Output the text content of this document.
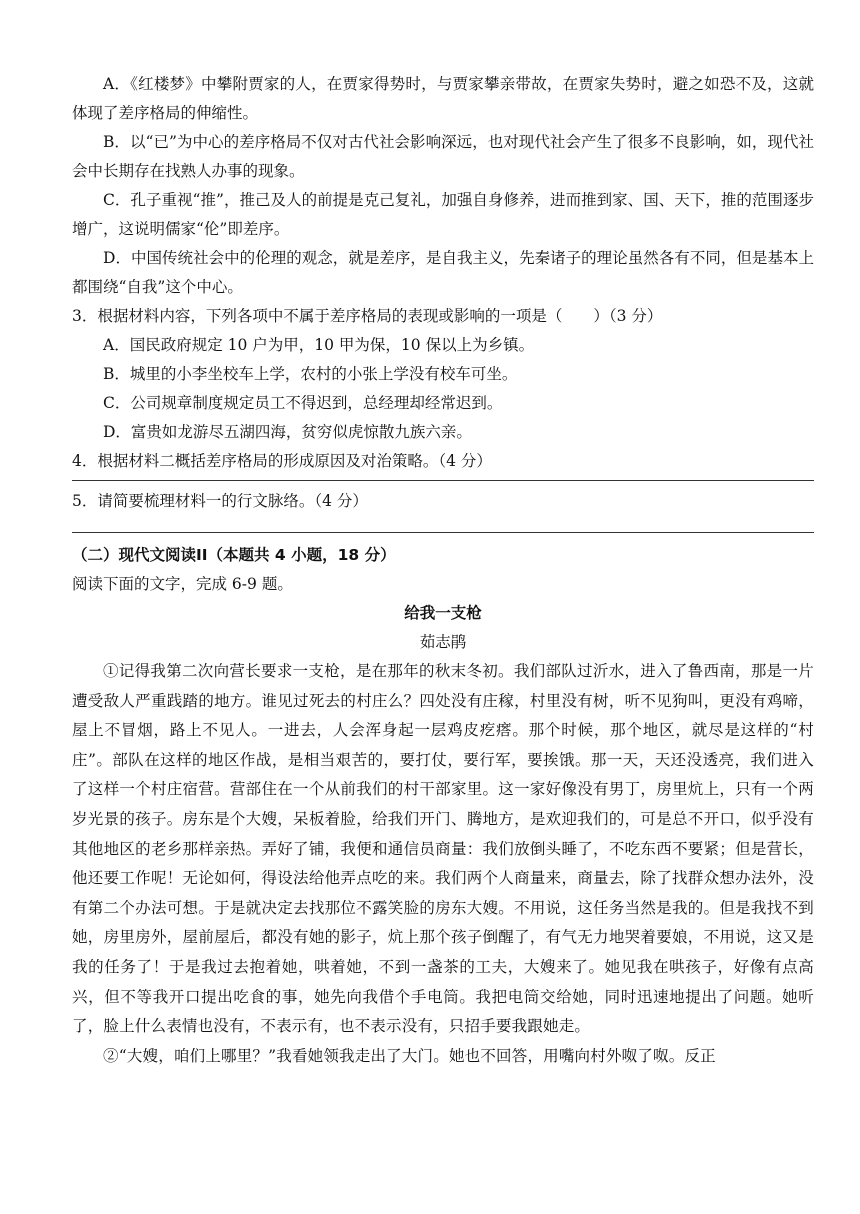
A．《红楼梦》中攀附贾家的人，在贾家得势时，与贾家攀亲带故，在贾家失势时，避之如恐不及，这就体现了差序格局的伸缩性。

B．以“已”为中心的差序格局不仅对古代社会影响深远，也对现代社会产生了很多不良影响，如，现代社会中长期存在找熟人办事的现象。

C．孔子重视“推”，推己及人的前提是克己复礼，加强自身修养，进而推到家、国、天下，推的范围逐步增广，这说明儒家“伦”即差序。

D．中国传统社会中的伦理的观念，就是差序，是自我主义，先秦诸子的理论虽然各有不同，但是基本上都围绕“自我”这个中心。

3．根据材料内容，下列各项中不属于差序格局的表现或影响的一项是（　　）（3 分）

A．国民政府规定 10 户为甲，10 甲为保，10 保以上为乡镇。

B．城里的小李坐校车上学，农村的小张上学没有校车可坐。

C．公司规章制度规定员工不得迟到，总经理却经常迟到。

D．富贵如龙游尽五湖四海，贫穷似虎惊散九族六亲。

4．根据材料二概括差序格局的形成原因及对治策略。（4 分）

5．请简要梳理材料一的行文脉络。（4 分）

（二）现代文阅读II（本题共 4 小题，18 分）

阅读下面的文字，完成 6-9 题。

给我一支枪

茹志鹃

①记得我第二次向营长要求一支枪，是在那年的秋末冬初。我们部队过沂水，进入了鲁西南，那是一片遭受敌人严重践踏的地方。谁见过死去的村庄么？四处没有庄稼，村里没有树，听不见狗叫，更没有鸡啼，屋上不冒烟，路上不见人。一进去，人会浑身起一层鸡皮疙瘩。那个时候，那个地区，就尽是这样的“村庄”。部队在这样的地区作战，是相当艰苦的，要打仗，要行军，要挨饿。那一天，天还没透亮，我们进入了这样一个村庄宿营。营部住在一个从前我们的村干部家里。这一家好像没有男丁，房里炕上，只有一个两岁光景的孩子。房东是个大嫂，呆板着脸，给我们开门、腾地方，是欢迎我们的，可是总不开口，似乎没有其他地区的老乡那样亲热。弄好了铺，我便和通信员商量：我们放倒头睡了，不吃东西不要紧；但是营长，他还要工作呢！无论如何，得设法给他弄点吃的来。我们两个人商量来，商量去，除了找群众想办法外，没有第二个办法可想。于是就决定去找那位不露笑脸的房东大嫂。不用说，这任务当然是我的。但是我找不到她，房里房外，屋前屋后，都没有她的影子，炕上那个孩子倒醒了，有气无力地哭着要娘，不用说，这又是我的任务了！于是我过去抱着她，哄着她，不到一盏茶的工夫，大嫂来了。她见我在哄孩子，好像有点高兴，但不等我开口提出吃食的事，她先向我借个手电筒。我把电筒交给她，同时迅速地提出了问题。她听了，脸上什么表情也没有，不表示有，也不表示没有，只招手要我跟她走。

②“大嫂，咱们上哪里？”我看她领我走出了大门。她也不回答，用嘴向村外呶了呶。反正
